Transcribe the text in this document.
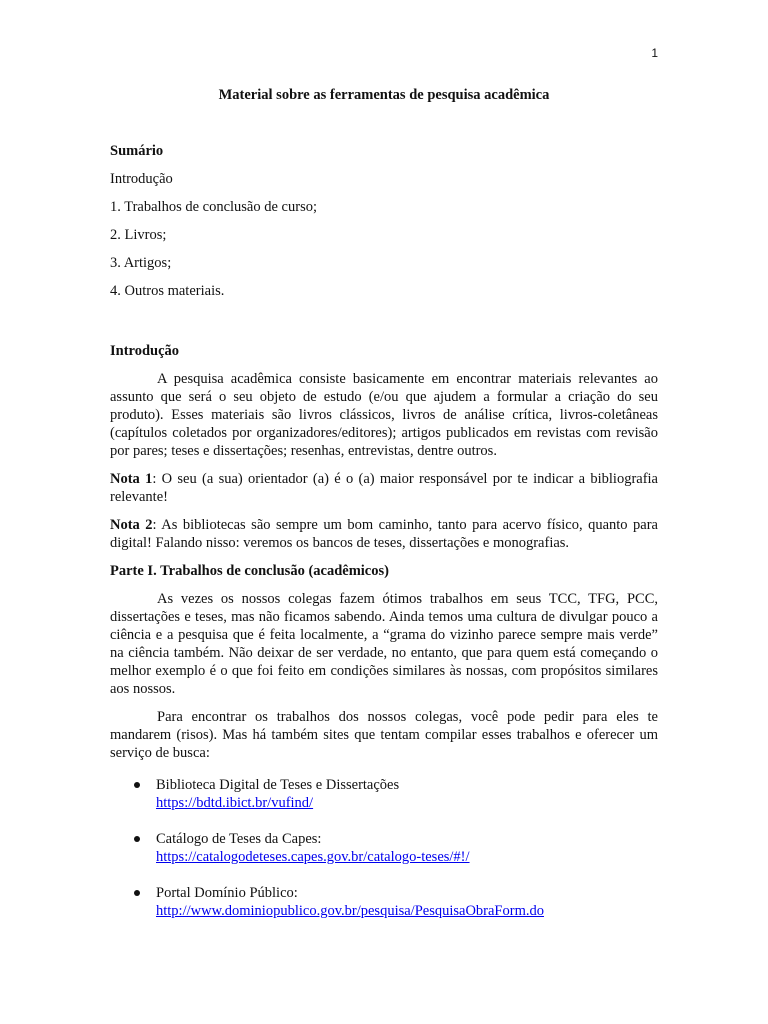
1
Material sobre as ferramentas de pesquisa acadêmica
Sumário
Introdução
1. Trabalhos de conclusão de curso;
2. Livros;
3. Artigos;
4. Outros materiais.
Introdução

A pesquisa acadêmica consiste basicamente em encontrar materiais relevantes ao assunto que será o seu objeto de estudo (e/ou que ajudem a formular a criação do seu produto). Esses materiais são livros clássicos, livros de análise crítica, livros-coletâneas (capítulos coletados por organizadores/editores); artigos publicados em revistas com revisão por pares; teses e dissertações; resenhas, entrevistas, dentre outros.

Nota 1: O seu (a sua) orientador (a) é o (a) maior responsável por te indicar a bibliografia relevante!

Nota 2: As bibliotecas são sempre um bom caminho, tanto para acervo físico, quanto para digital! Falando nisso: veremos os bancos de teses, dissertações e monografias.

Parte I. Trabalhos de conclusão (acadêmicos)

As vezes os nossos colegas fazem ótimos trabalhos em seus TCC, TFG, PCC, dissertações e teses, mas não ficamos sabendo. Ainda temos uma cultura de divulgar pouco a ciência e a pesquisa que é feita localmente, a “grama do vizinho parece sempre mais verde” na ciência também. Não deixar de ser verdade, no entanto, que para quem está começando o melhor exemplo é o que foi feito em condições similares às nossas, com propósitos similares aos nossos.

Para encontrar os trabalhos dos nossos colegas, você pode pedir para eles te mandarem (risos). Mas há também sites que tentam compilar esses trabalhos e oferecer um serviço de busca:

Biblioteca Digital de Teses e Dissertações
https://bdtd.ibict.br/vufind/
Catálogo de Teses da Capes:
https://catalogodeteses.capes.gov.br/catalogo-teses/#!/
Portal Domínio Público:
http://www.dominiopublico.gov.br/pesquisa/PesquisaObraForm.do
